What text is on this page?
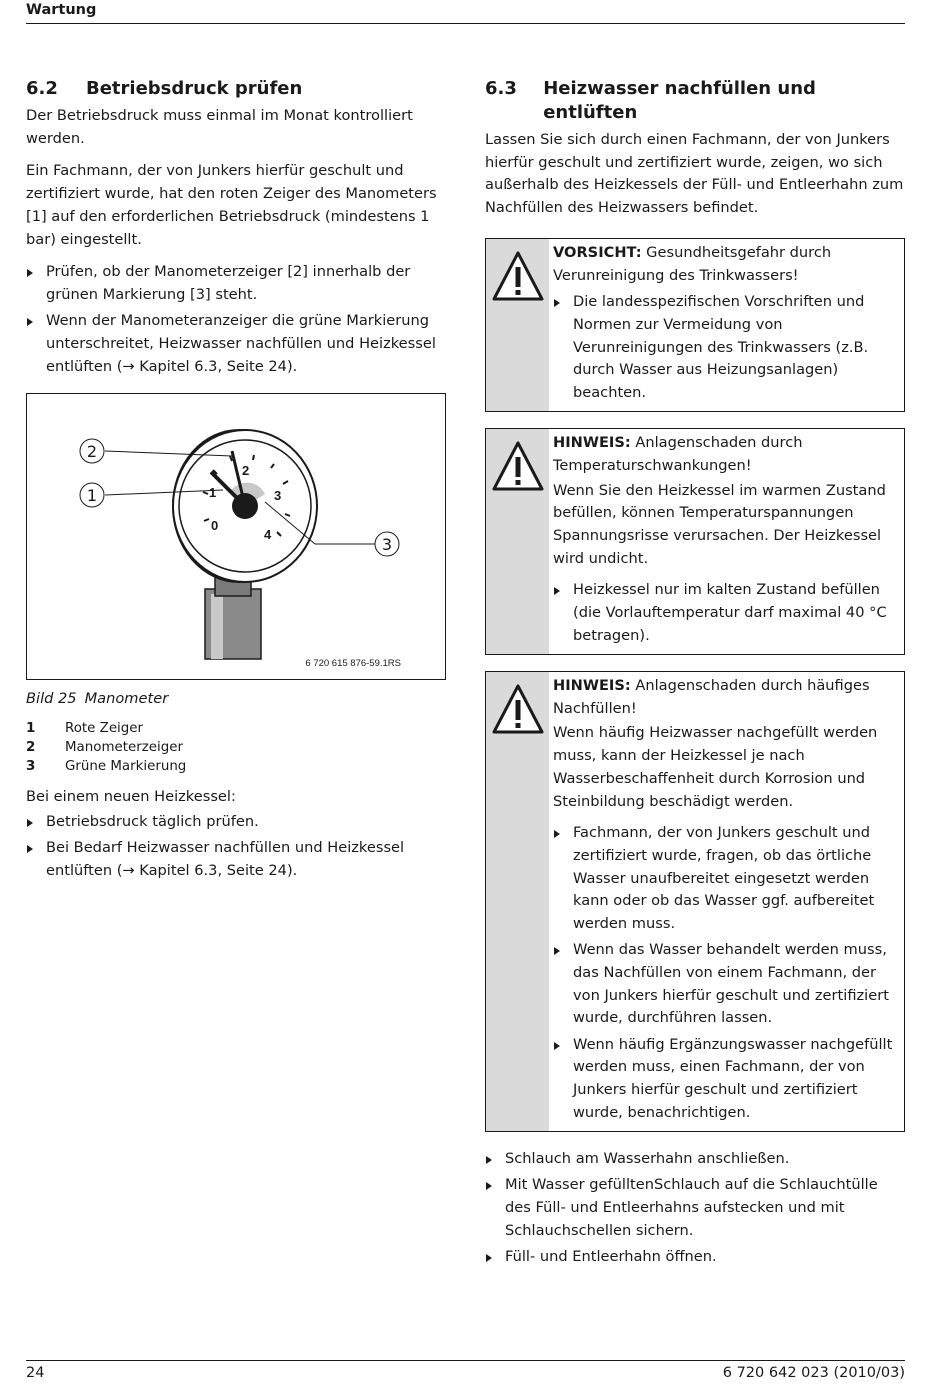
Wartung
6.2	Betriebsdruck prüfen

Der Betriebsdruck muss einmal im Monat kontrolliert werden.

Ein Fachmann, der von Junkers hierfür geschult und zertifiziert wurde, hat den roten Zeiger des Manometers [1] auf den erforderlichen Betriebsdruck (mindestens 1 bar) eingestellt.

Prüfen, ob der Manometerzeiger [2] innerhalb der grünen Markierung [3] steht.
Wenn der Manometeranzeiger die grüne Markierung unterschreitet, Heizwasser nachfüllen und Heizkessel entlüften (→ Kapitel 6.3, Seite 24).
0
1
2
3
4
2
1
3
6 720 615 876-59.1RS
Bild 25 Manometer
1	Rote Zeiger
2	Manometerzeiger
3	Grüne Markierung

Bei einem neuen Heizkessel:

Betriebsdruck täglich prüfen.
Bei Bedarf Heizwasser nachfüllen und Heizkessel entlüften (→ Kapitel 6.3, Seite 24).
6.3	Heizwasser nachfüllen und entlüften

Lassen Sie sich durch einen Fachmann, der von Junkers hierfür geschult und zertifiziert wurde, zeigen, wo sich außerhalb des Heizkessels der Füll- und Entleerhahn zum Nachfüllen des Heizwassers befindet.

VORSICHT: Gesundheitsgefahr durch Verunreinigung des Trinkwassers!

Die landesspezifischen Vorschriften und Normen zur Vermeidung von Verunreinigungen des Trinkwassers (z.B. durch Wasser aus Heizungsanlagen) beachten.

HINWEIS: Anlagenschaden durch Temperaturschwankungen!

Wenn Sie den Heizkessel im warmen Zustand befüllen, können Temperaturspannungen Spannungsrisse verursachen. Der Heizkessel wird undicht.

Heizkessel nur im kalten Zustand befüllen (die Vorlauftemperatur darf maximal 40 °C betragen).

HINWEIS: Anlagenschaden durch häufiges Nachfüllen!

Wenn häufig Heizwasser nachgefüllt werden muss, kann der Heizkessel je nach Wasserbeschaffenheit durch Korrosion und Steinbildung beschädigt werden.

Fachmann, der von Junkers geschult und zertifiziert wurde, fragen, ob das örtliche Wasser unaufbereitet eingesetzt werden kann oder ob das Wasser ggf. aufbereitet werden muss.
Wenn das Wasser behandelt werden muss, das Nachfüllen von einem Fachmann, der von Junkers hierfür geschult und zertifiziert wurde, durchführen lassen.
Wenn häufig Ergänzungswasser nachgefüllt werden muss, einen Fachmann, der von Junkers hierfür geschult und zertifiziert wurde, benachrichtigen.
Schlauch am Wasserhahn anschließen.
Mit Wasser gefülltenSchlauch auf die Schlauchtülle des Füll- und Entleerhahns aufstecken und mit Schlauchschellen sichern.
Füll- und Entleerhahn öffnen.
24	6 720 642 023 (2010/03)
